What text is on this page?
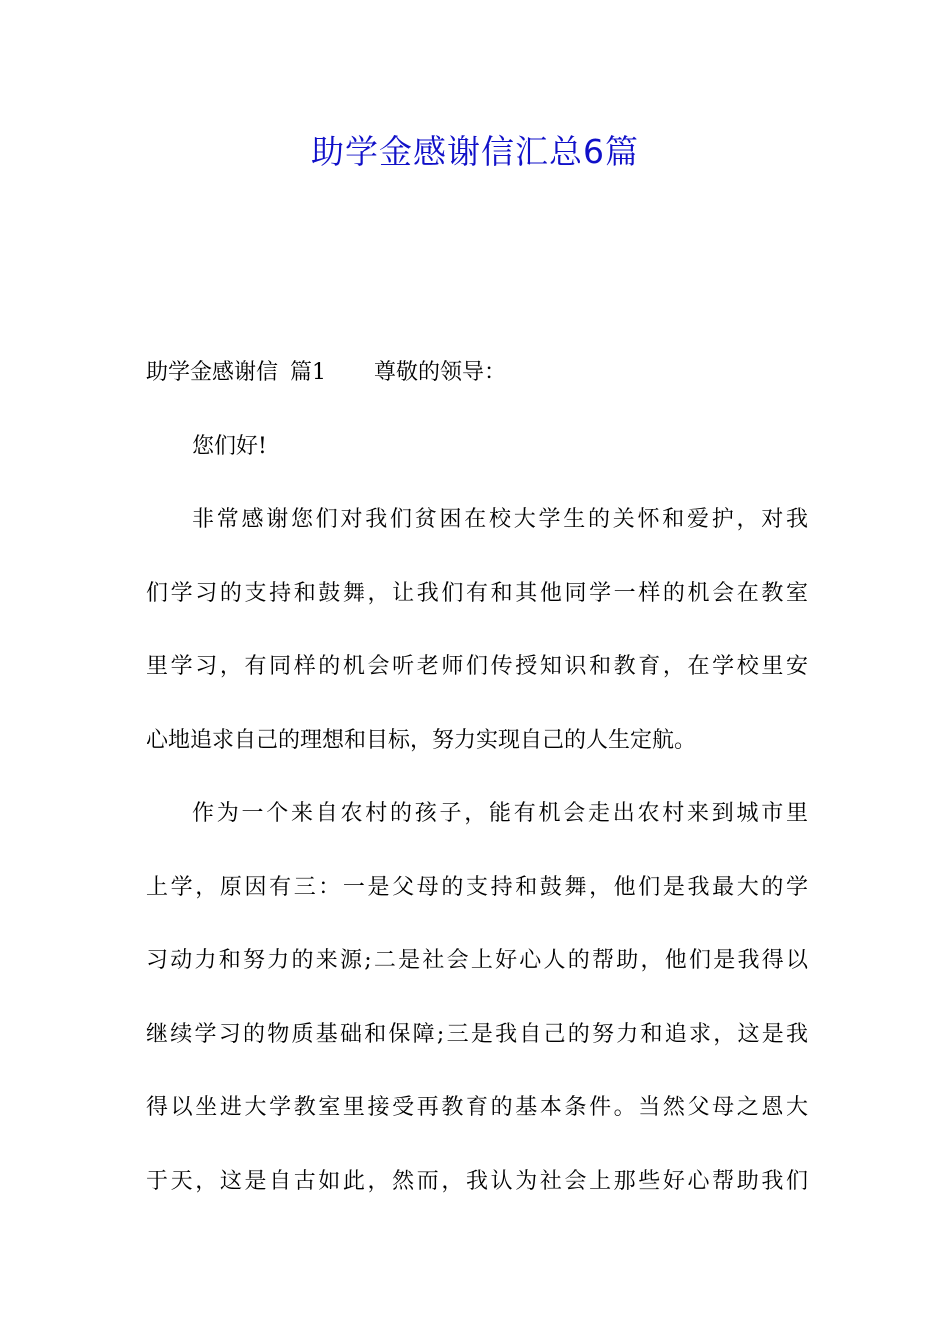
助学金感谢信汇总6篇
助学金感谢信 篇1 尊敬的领导：
您们好!
非常感谢您们对我们贫困在校大学生的关怀和爱护，对我
们学习的支持和鼓舞，让我们有和其他同学一样的机会在教室
里学习，有同样的机会听老师们传授知识和教育，在学校里安
心地追求自己的理想和目标，努力实现自己的人生定航。
作为一个来自农村的孩子，能有机会走出农村来到城市里
上学，原因有三：一是父母的支持和鼓舞，他们是我最大的学
习动力和努力的来源;二是社会上好心人的帮助，他们是我得以
继续学习的物质基础和保障;三是我自己的努力和追求，这是我
得以坐进大学教室里接受再教育的基本条件。当然父母之恩大
于天，这是自古如此，然而，我认为社会上那些好心帮助我们
